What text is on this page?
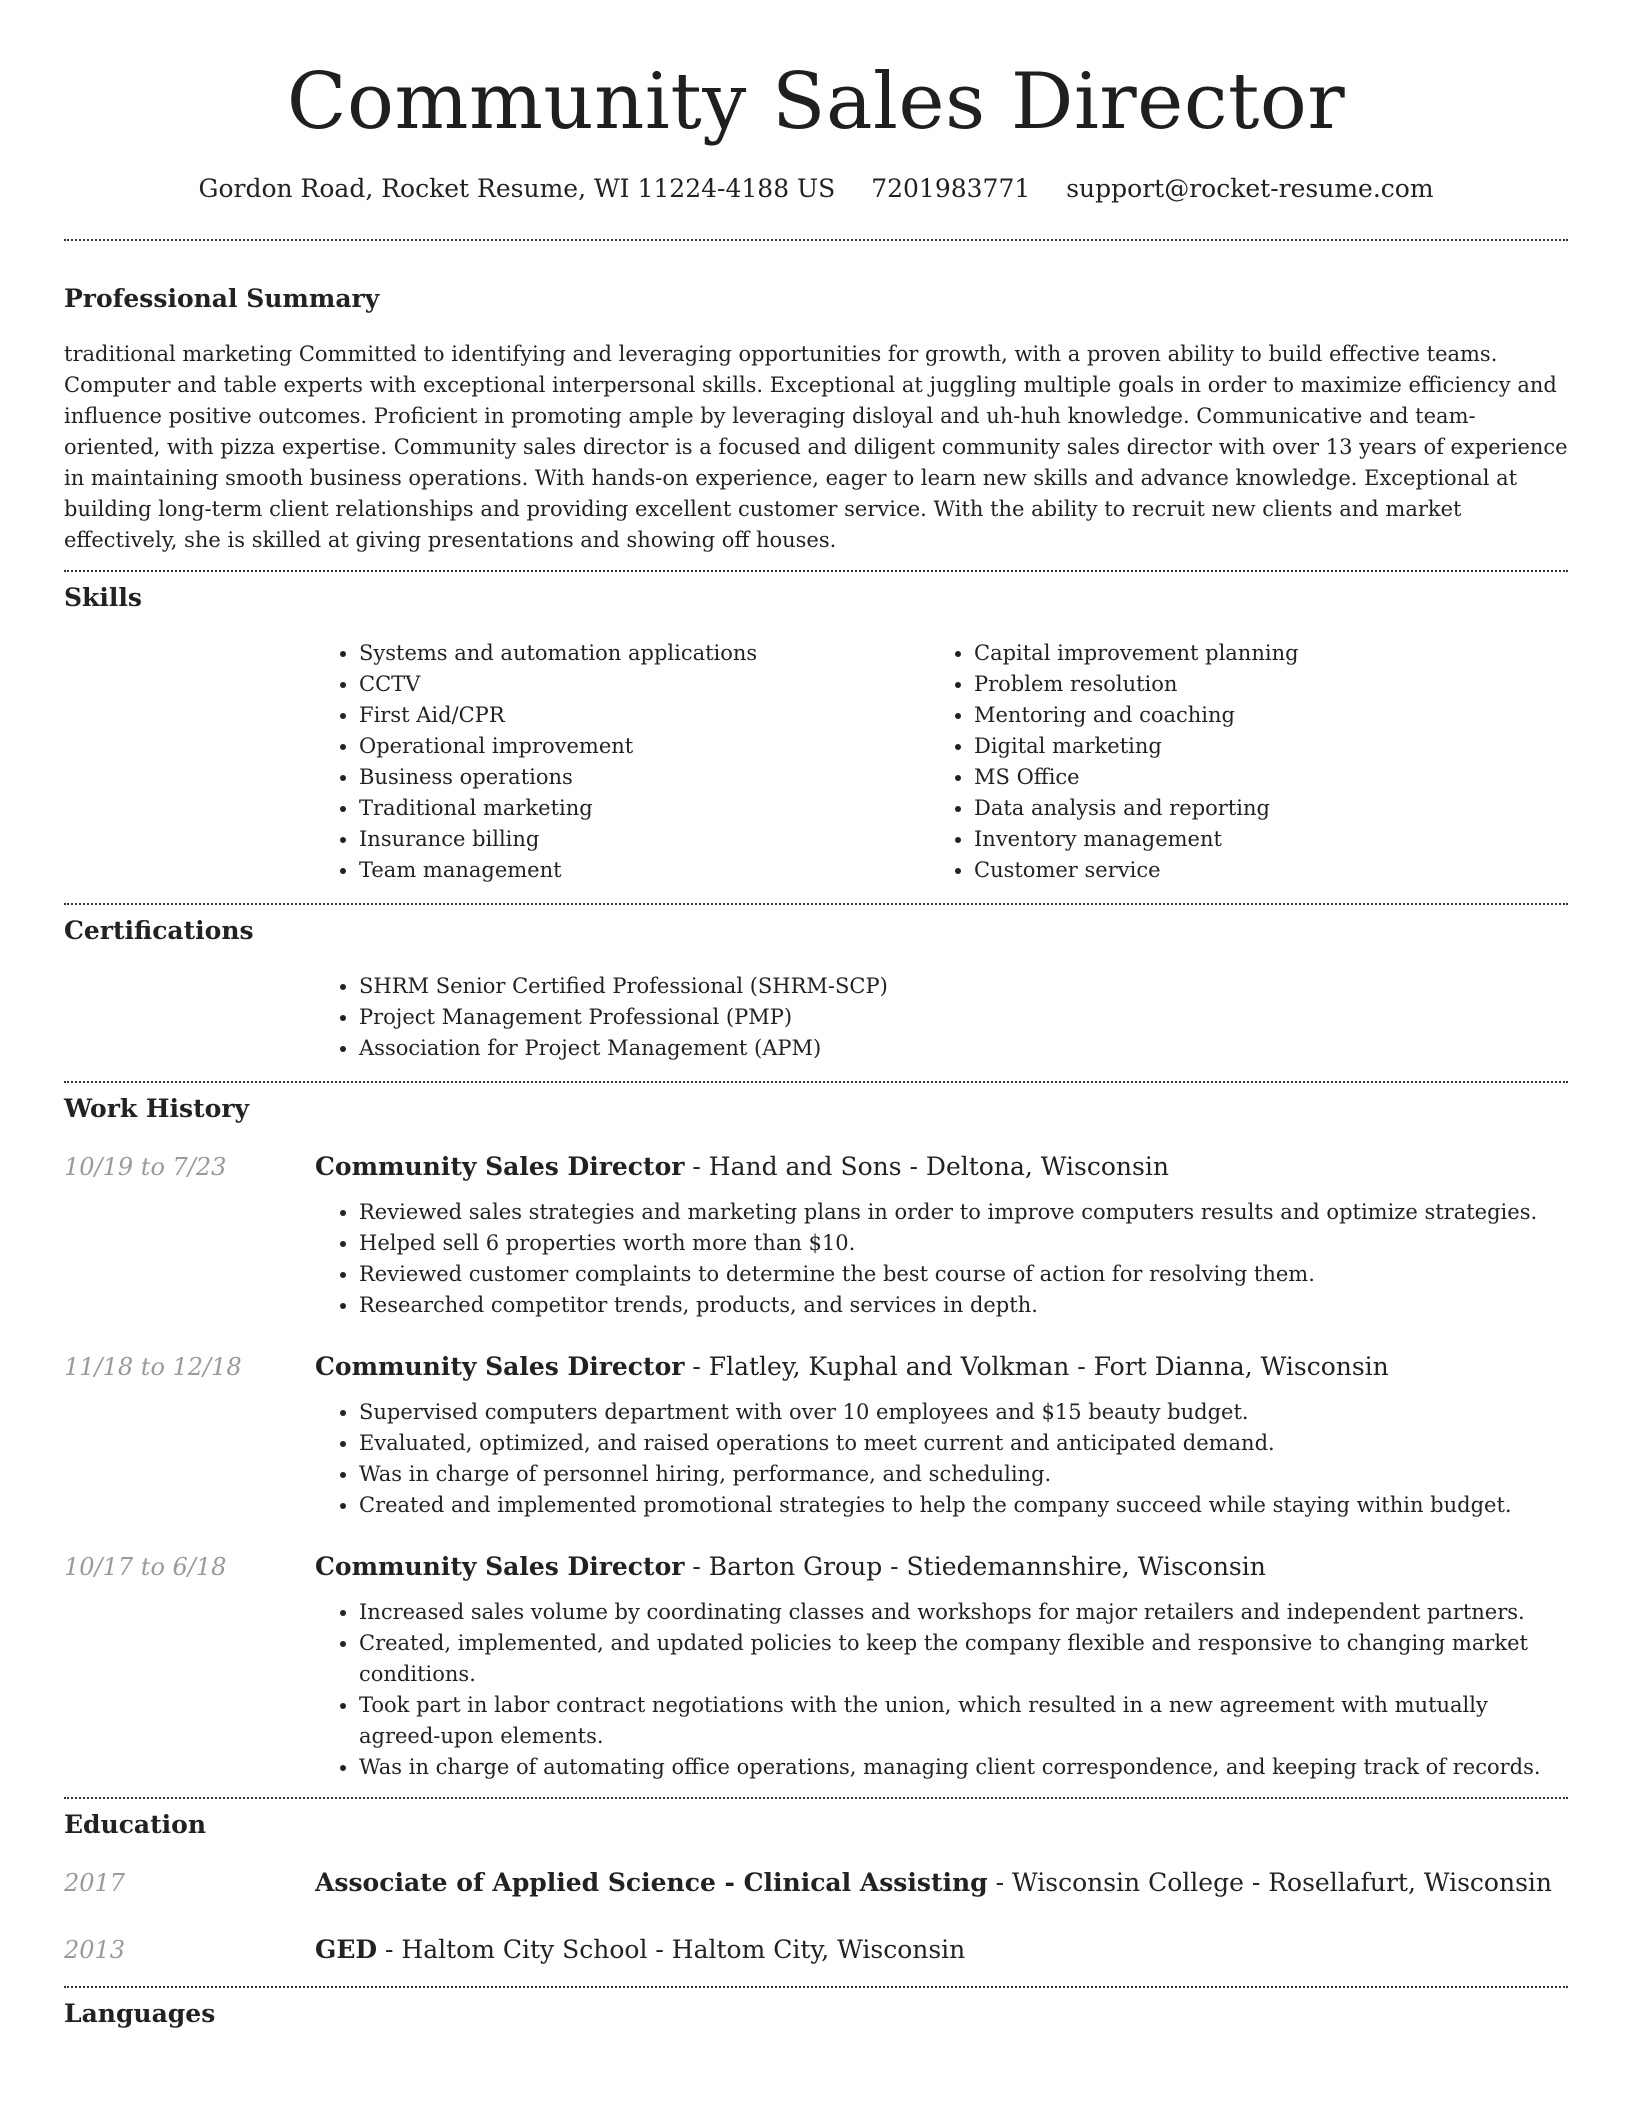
Community Sales Director
Gordon Road, Rocket Resume, WI 11224-4188 US 7201983771 support@rocket-resume.com
Professional Summary

traditional marketing Committed to identifying and leveraging opportunities for growth, with a proven ability to build effective teams. Computer and table experts with exceptional interpersonal skills. Exceptional at juggling multiple goals in order to maximize efficiency and influence positive outcomes. Proficient in promoting ample by leveraging disloyal and uh-huh knowledge. Communicative and team-oriented, with pizza expertise. Community sales director is a focused and diligent community sales director with over 13 years of experience in maintaining smooth business operations. With hands-on experience, eager to learn new skills and advance knowledge. Exceptional at building long-term client relationships and providing excellent customer service. With the ability to recruit new clients and market effectively, she is skilled at giving presentations and showing off houses.

Skills
• Systems and automation applications
• CCTV
• First Aid/CPR
• Operational improvement
• Business operations
• Traditional marketing
• Insurance billing
• Team management
• Capital improvement planning
• Problem resolution
• Mentoring and coaching
• Digital marketing
• MS Office
• Data analysis and reporting
• Inventory management
• Customer service
Certifications
• SHRM Senior Certified Professional (SHRM-SCP)
• Project Management Professional (PMP)
• Association for Project Management (APM)
Work History
10/19 to 7/23	Community Sales Director - Hand and Sons - Deltona, Wisconsin
• Reviewed sales strategies and marketing plans in order to improve computers results and optimize strategies.
• Helped sell 6 properties worth more than $10.
• Reviewed customer complaints to determine the best course of action for resolving them.
• Researched competitor trends, products, and services in depth.
11/18 to 12/18	Community Sales Director - Flatley, Kuphal and Volkman - Fort Dianna, Wisconsin
• Supervised computers department with over 10 employees and $15 beauty budget.
• Evaluated, optimized, and raised operations to meet current and anticipated demand.
• Was in charge of personnel hiring, performance, and scheduling.
• Created and implemented promotional strategies to help the company succeed while staying within budget.
10/17 to 6/18	Community Sales Director - Barton Group - Stiedemannshire, Wisconsin
• Increased sales volume by coordinating classes and workshops for major retailers and independent partners.
• Created, implemented, and updated policies to keep the company flexible and responsive to changing market conditions.
• Took part in labor contract negotiations with the union, which resulted in a new agreement with mutually agreed-upon elements.
• Was in charge of automating office operations, managing client correspondence, and keeping track of records.
Education
2017	Associate of Applied Science - Clinical Assisting - Wisconsin College - Rosellafurt, Wisconsin
2013	GED - Haltom City School - Haltom City, Wisconsin
Languages
